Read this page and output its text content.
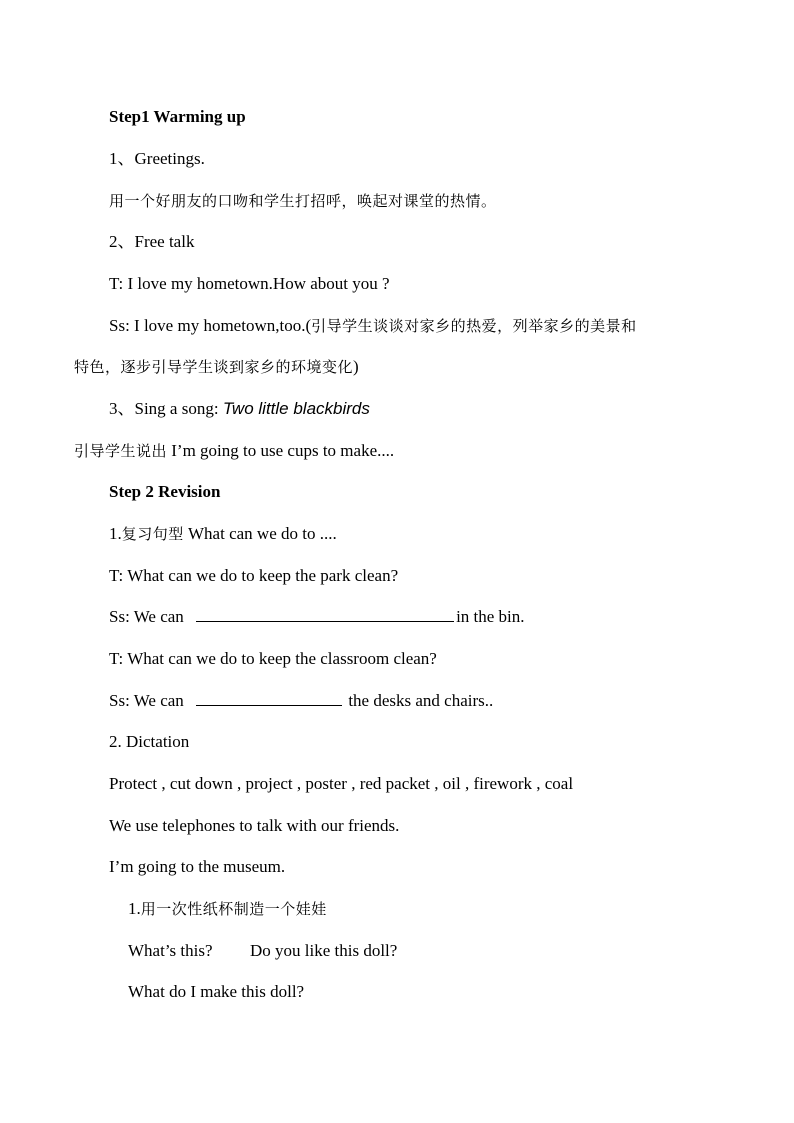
Step1 Warming up
1、Greetings.
用一个好朋友的口吻和学生打招呼，唤起对课堂的热情。
2、Free talk
T: I love my hometown.How about you ?
Ss: I love my hometown,too.(引导学生谈谈对家乡的热爱，列举家乡的美景和
特色，逐步引导学生谈到家乡的环境变化)
3、Sing a song: Two little blackbirds
引导学生说出 I’m going to use cups to make....
Step 2 Revision
1.复习句型 What can we do to ....
T: What can we do to keep the park clean?
Ss: We can	in the bin.
T: What can we do to keep the classroom clean?
Ss: We can	the desks and chairs..
2. Dictation
Protect , cut down , project , poster , red packet , oil , firework , coal
We use telephones to talk with our friends.
I’m going to the museum.
1.用一次性纸杯制造一个娃娃
What’s this? Do you like this doll?
What do I make this doll?
